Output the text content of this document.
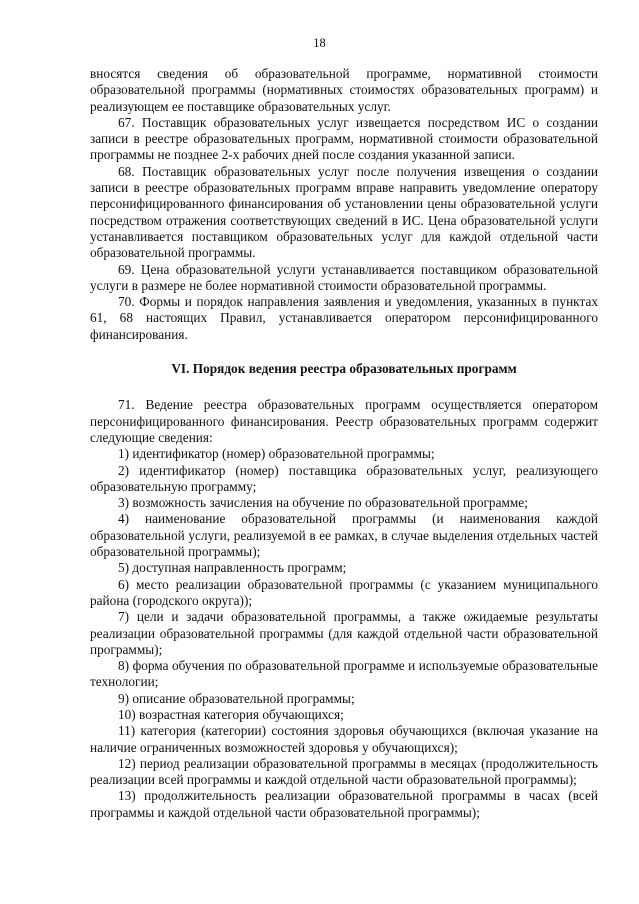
18

вносятся сведения об образовательной программе, нормативной стоимости образовательной программы (нормативных стоимостях образовательных программ) и реализующем ее поставщике образовательных услуг.

67. Поставщик образовательных услуг извещается посредством ИС о создании записи в реестре образовательных программ, нормативной стоимости образовательной программы не позднее 2-х рабочих дней после создания указанной записи.

68. Поставщик образовательных услуг после получения извещения о создании записи в реестре образовательных программ вправе направить уведомление оператору персонифицированного финансирования об установлении цены образовательной услуги посредством отражения соответствующих сведений в ИС. Цена образовательной услуги устанавливается поставщиком образовательных услуг для каждой отдельной части образовательной программы.

69. Цена образовательной услуги устанавливается поставщиком образовательной услуги в размере не более нормативной стоимости образовательной программы.

70. Формы и порядок направления заявления и уведомления, указанных в пунктах 61, 68 настоящих Правил, устанавливается оператором персонифицированного финансирования.

VI. Порядок ведения реестра образовательных программ

71. Ведение реестра образовательных программ осуществляется оператором персонифицированного финансирования. Реестр образовательных программ содержит следующие сведения:

1) идентификатор (номер) образовательной программы;

2) идентификатор (номер) поставщика образовательных услуг, реализующего образовательную программу;

3) возможность зачисления на обучение по образовательной программе;

4) наименование образовательной программы (и наименования каждой образовательной услуги, реализуемой в ее рамках, в случае выделения отдельных частей образовательной программы);

5) доступная направленность программ;

6) место реализации образовательной программы (с указанием муниципального района (городского округа));

7) цели и задачи образовательной программы, а также ожидаемые результаты реализации образовательной программы (для каждой отдельной части образовательной программы);

8) форма обучения по образовательной программе и используемые образовательные технологии;

9) описание образовательной программы;

10) возрастная категория обучающихся;

11) категория (категории) состояния здоровья обучающихся (включая указание на наличие ограниченных возможностей здоровья у обучающихся);

12) период реализации образовательной программы в месяцах (продолжительность реализации всей программы и каждой отдельной части образовательной программы);

13) продолжительность реализации образовательной программы в часах (всей программы и каждой отдельной части образовательной программы);
